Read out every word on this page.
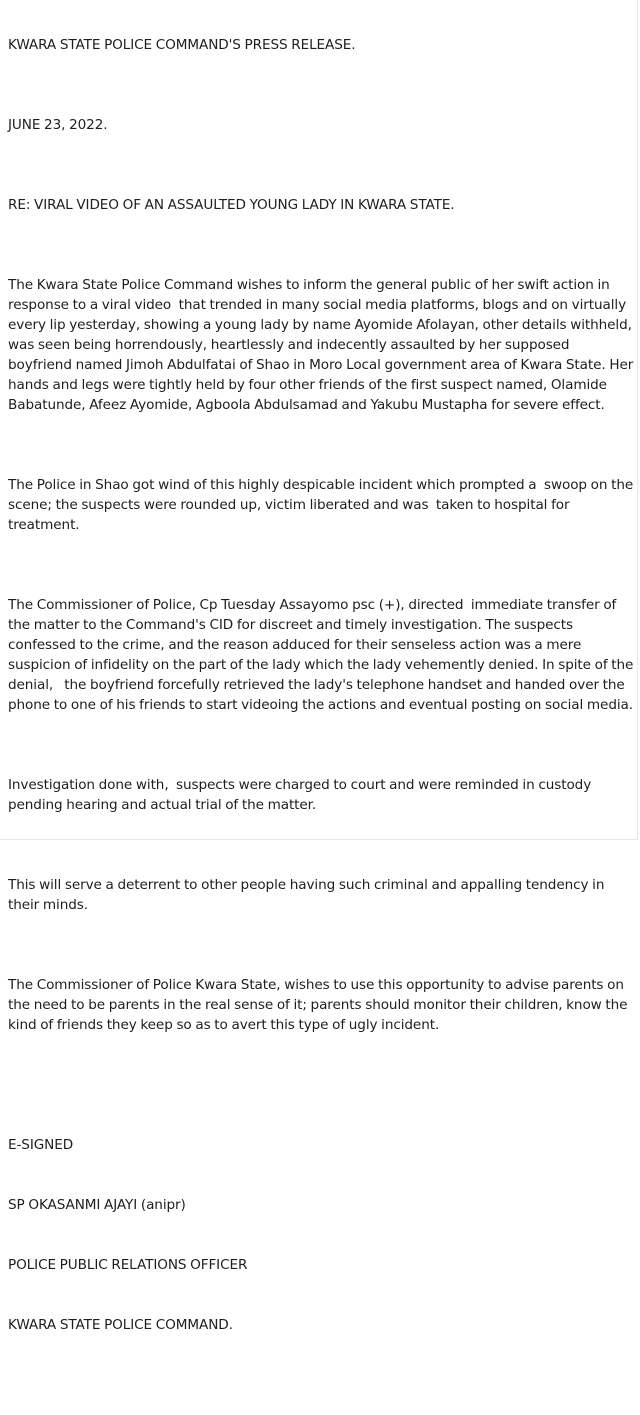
KWARA STATE POLICE COMMAND'S PRESS RELEASE.

JUNE 23, 2022.

RE: VIRAL VIDEO OF AN ASSAULTED YOUNG LADY IN KWARA STATE.

The Kwara State Police Command wishes to inform the general public of her swift action in response to a viral video  that trended in many social media platforms, blogs and on virtually every lip yesterday, showing a young lady by name Ayomide Afolayan, other details withheld, was seen being horrendously, heartlessly and indecently assaulted by her supposed boyfriend named Jimoh Abdulfatai of Shao in Moro Local government area of Kwara State. Her hands and legs were tightly held by four other friends of the first suspect named, Olamide Babatunde, Afeez Ayomide, Agboola Abdulsamad and Yakubu Mustapha for severe effect.

The Police in Shao got wind of this highly despicable incident which prompted a  swoop on the scene; the suspects were rounded up, victim liberated and was  taken to hospital for treatment.

The Commissioner of Police, Cp Tuesday Assayomo psc (+), directed  immediate transfer of the matter to the Command's CID for discreet and timely investigation. The suspects confessed to the crime, and the reason adduced for their senseless action was a mere suspicion of infidelity on the part of the lady which the lady vehemently denied. In spite of the denial,   the boyfriend forcefully retrieved the lady's telephone handset and handed over the phone to one of his friends to start videoing the actions and eventual posting on social media.

Investigation done with,  suspects were charged to court and were reminded in custody pending hearing and actual trial of the matter.

This will serve a deterrent to other people having such criminal and appalling tendency in their minds.

The Commissioner of Police Kwara State, wishes to use this opportunity to advise parents on the need to be parents in the real sense of it; parents should monitor their children, know the kind of friends they keep so as to avert this type of ugly incident.

E-SIGNED

SP OKASANMI AJAYI (anipr)

POLICE PUBLIC RELATIONS OFFICER

KWARA STATE POLICE COMMAND.
